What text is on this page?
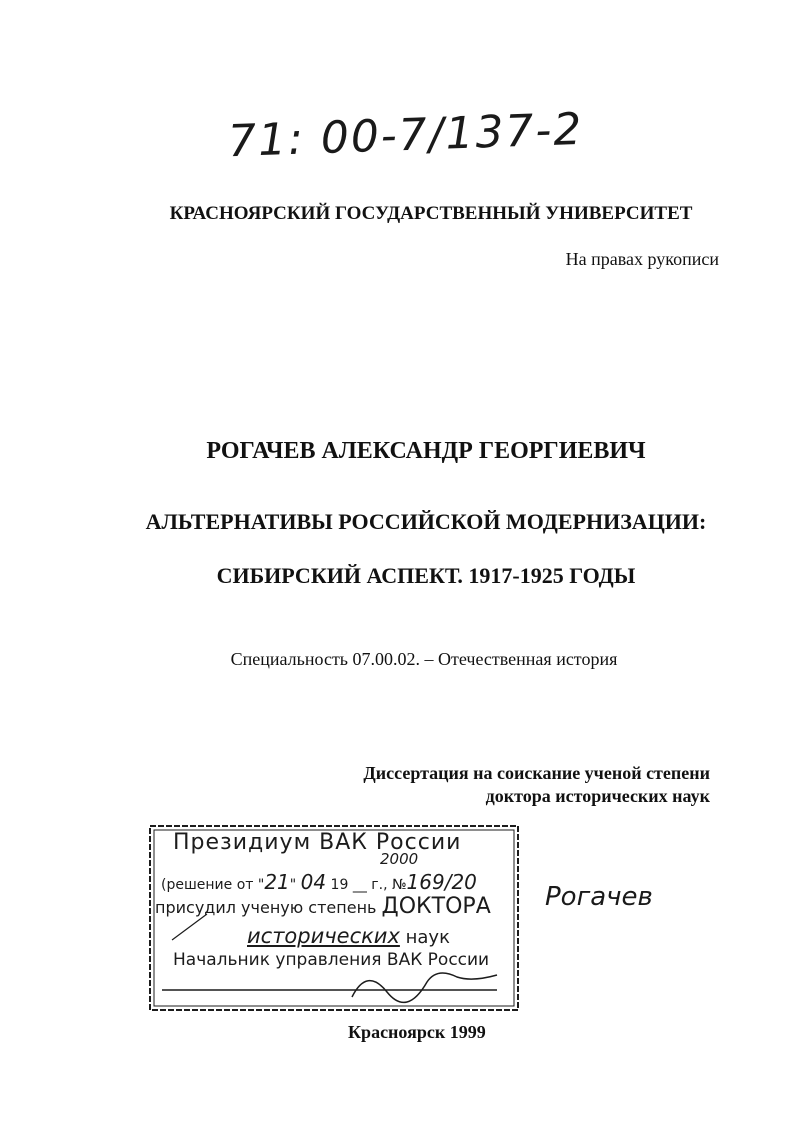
71: 00-7/137-2
КРАСНОЯРСКИЙ ГОСУДАРСТВЕННЫЙ УНИВЕРСИТЕТ
На правах рукописи
РОГАЧЕВ АЛЕКСАНДР ГЕОРГИЕВИЧ
АЛЬТЕРНАТИВЫ РОССИЙСКОЙ МОДЕРНИЗАЦИИ:
СИБИРСКИЙ АСПЕКТ. 1917-1925 ГОДЫ
Специальность 07.00.02. – Отечественная история
Диссертация на соискание ученой степени
доктора исторических наук
Президиум ВАК России
2000
(решение от "21" 04 19 __ г., №169/20
присудил ученую степень ДОКТОРА
исторических наук
Начальник управления ВАК России
Рогачев
Красноярск 1999
